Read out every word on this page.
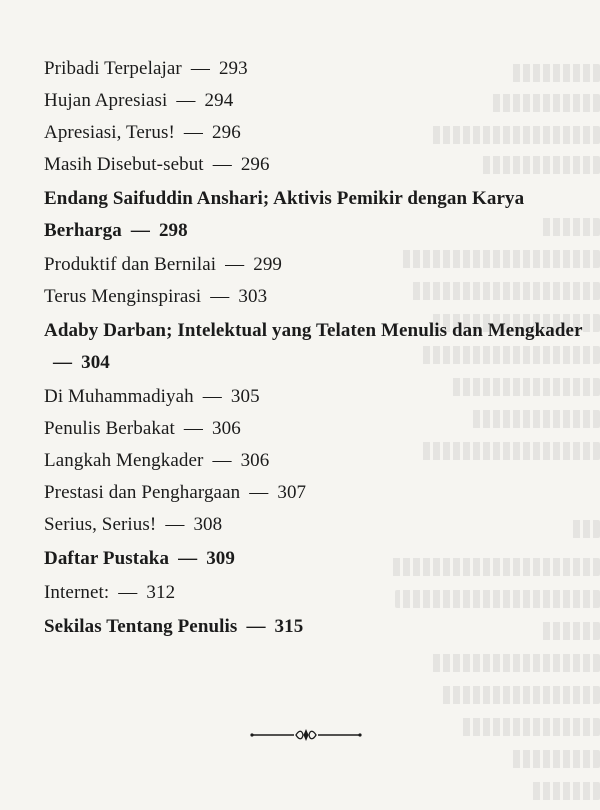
Pribadi Terpelajar — 293
Hujan Apresiasi — 294
Apresiasi, Terus! — 296
Masih Disebut-sebut — 296
Endang Saifuddin Anshari; Aktivis Pemikir dengan Karya Berharga — 298
Produktif dan Bernilai — 299
Terus Menginspirasi — 303
Adaby Darban; Intelektual yang Telaten Menulis dan Mengkader— 304
Di Muhammadiyah — 305
Penulis Berbakat — 306
Langkah Mengkader — 306
Prestasi dan Penghargaan — 307
Serius, Serius! — 308
Daftar Pustaka — 309
Internet: — 312
Sekilas Tentang Penulis — 315
